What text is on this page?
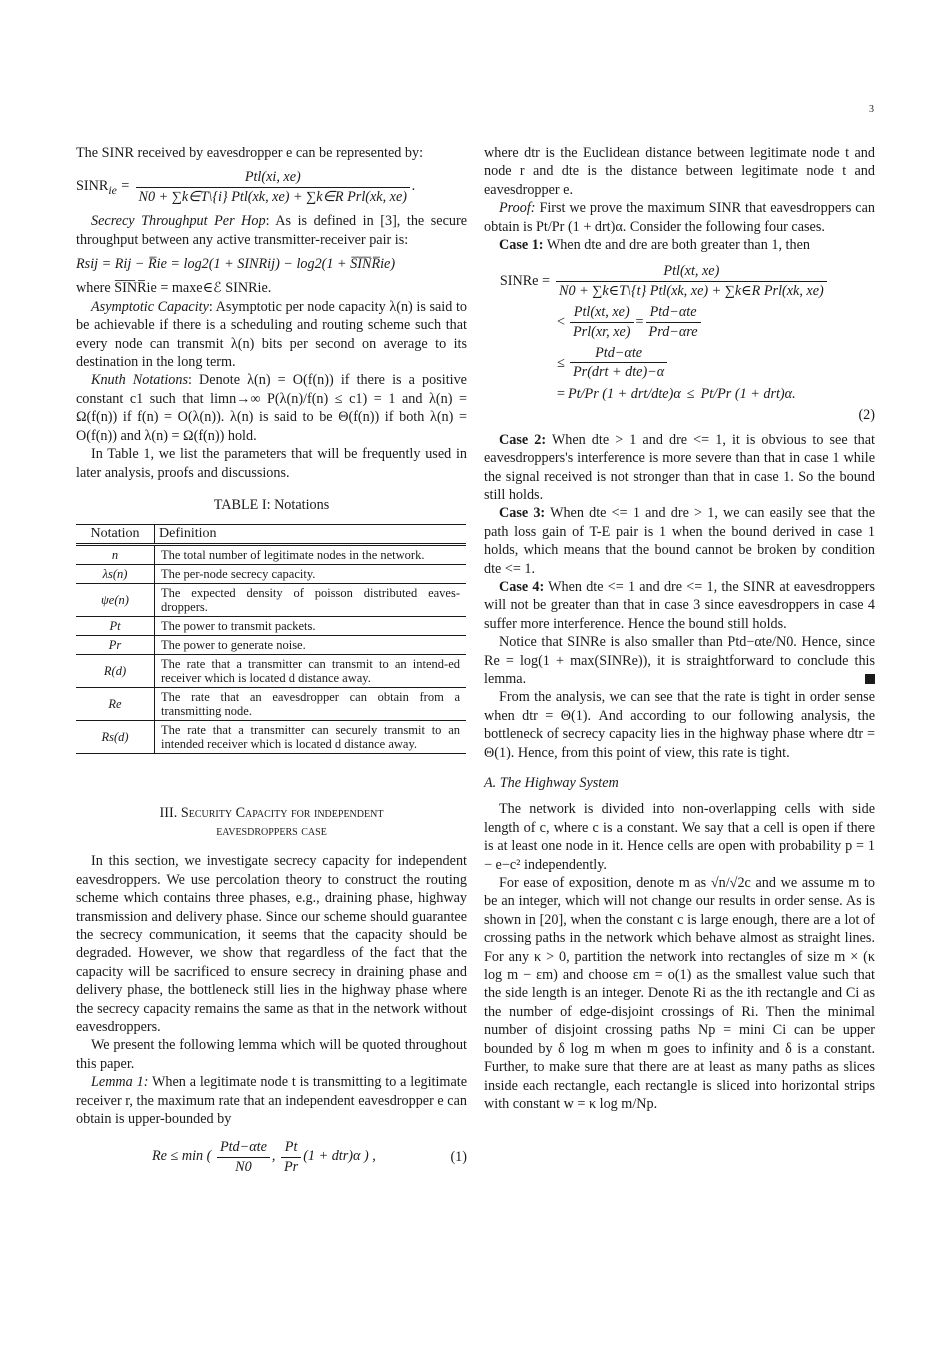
3

The SINR received by eavesdropper e can be represented by:

$SINR_{ie} = \frac{\text{Ptl(xi, xe)}}{\text{N0 + ∑k∈T\textbackslash{}\{i\} Ptl(xk, xe) + ∑k∈R Prl(xk, xe)}}$ .

Secrecy Throughput Per Hop: As is defined in [3], the secure throughput between any active transmitter-receiver pair is:

Rsij = Rij − R̅ie = log2(1 + SINRij) − log2(1 + S̅I̅N̅R̅ie)

where S̅I̅N̅R̅ie = maxe∈ℰ SINRie.

Asymptotic Capacity: Asymptotic per node capacity λ(n) is said to be achievable if there is a scheduling and routing scheme such that every node can transmit λ(n) bits per second on average to its destination in the long term.

Knuth Notations: Denote λ(n) = O(f(n)) if there is a positive constant c1 such that limn→∞ P(λ(n)/f(n) ≤ c1) = 1 and λ(n) = Ω(f(n)) if f(n) = O(λ(n)). λ(n) is said to be Θ(f(n)) if both λ(n) = O(f(n)) and λ(n) = Ω(f(n)) hold.

In Table 1, we list the parameters that will be frequently used in later analysis, proofs and discussions.

TABLE I: Notations
Notation	Definition
n	The total number of legitimate nodes in the network.
λs(n)	The per-node secrecy capacity.
ψe(n)	The expected density of poisson distributed eaves-droppers.
Pt	The power to transmit packets.
Pr	The power to generate noise.
R(d)	The rate that a transmitter can transmit to an intend-ed receiver which is located d distance away.
Re	The rate that an eavesdropper can obtain from a transmitting node.
Rs(d)	The rate that a transmitter can securely transmit to an intended receiver which is located d distance away.
III. Security Capacity for independent
eavesdroppers case

In this section, we investigate secrecy capacity for independent eavesdroppers. We use percolation theory to construct the routing scheme which contains three phases, e.g., draining phase, highway transmission and delivery phase. Since our scheme should guarantee the secrecy communication, it seems that the capacity should be degraded. However, we show that regardless of the fact that the capacity will be sacrificed to ensure secrecy in draining phase and delivery phase, the bottleneck still lies in the highway phase where the secrecy capacity remains the same as that in the network without eavesdroppers.

We present the following lemma which will be quoted throughout this paper.

Lemma 1: When a legitimate node t is transmitting to a legitimate receiver r, the maximum rate that an independent eavesdropper e can obtain is upper-bounded by

Re ≤ min ( $\frac{\text{Ptd−αte}}{N0}$ , $\frac{Pt}{Pr} (1 + dtr)\alpha$ ) ,	(1)

where dtr is the Euclidean distance between legitimate node t and node r and dte is the distance between legitimate node t and eavesdropper e.

Proof: First we prove the maximum SINR that eavesdroppers can obtain is Pt/Pr (1 + drt)α. Consider the following four cases.

Case 1: When dte and dre are both greater than 1, then

SINRe = $\frac{\text{Ptl(xt, xe)}}{\text{N0 + ∑k∈T\textbackslash{}\{t\} Ptl(xk, xe) + ∑k∈R Prl(xk, xe)}}$
< $\frac{\text{Ptl(xt, xe)}}{\text{Prl(xr, xe)}} = \frac{\text{Ptd−αte}}{\text{Prd−αre}}$
≤ $\frac{\text{Ptd−αte}}{\text{Pr(drt + dte)−α}}$
= Pt/Pr (1 + drt/dte)α ≤ Pt/Pr (1 + drt)α.
(2)

Case 2: When dte > 1 and dre <= 1, it is obvious to see that eavesdroppers's interference is more severe than that in case 1 while the signal received is not stronger than that in case 1. So the bound still holds.

Case 3: When dte <= 1 and dre > 1, we can easily see that the path loss gain of T-E pair is 1 when the bound derived in case 1 holds, which means that the bound cannot be broken by condition dte <= 1.

Case 4: When dte <= 1 and dre <= 1, the SINR at eavesdroppers will not be greater than that in case 3 since eavesdroppers in case 4 suffer more interference. Hence the bound still holds.

Notice that SINRe is also smaller than Ptd−αte/N0. Hence, since Re = log(1 + max(SINRe)), it is straightforward to conclude this lemma.

From the analysis, we can see that the rate is tight in order sense when dtr = Θ(1). And according to our following analysis, the bottleneck of secrecy capacity lies in the highway phase where dtr = Θ(1). Hence, from this point of view, this rate is tight.

A. The Highway System

The network is divided into non-overlapping cells with side length of c, where c is a constant. We say that a cell is open if there is at least one node in it. Hence cells are open with probability p = 1 − e−c² independently.

For ease of exposition, denote m as √n/√2c and we assume m to be an integer, which will not change our results in order sense. As is shown in [20], when the constant c is large enough, there are a lot of crossing paths in the network which behave almost as straight lines. For any κ > 0, partition the network into rectangles of size m × (κ log m − εm) and choose εm = o(1) as the smallest value such that the side length is an integer. Denote Ri as the ith rectangle and Ci as the number of edge-disjoint crossings of Ri. Then the minimal number of disjoint crossing paths Np = mini Ci can be upper bounded by δ log m when m goes to infinity and δ is a constant. Further, to make sure that there are at least as many paths as slices inside each rectangle, each rectangle is sliced into horizontal strips with constant w = κ log m/Np.
